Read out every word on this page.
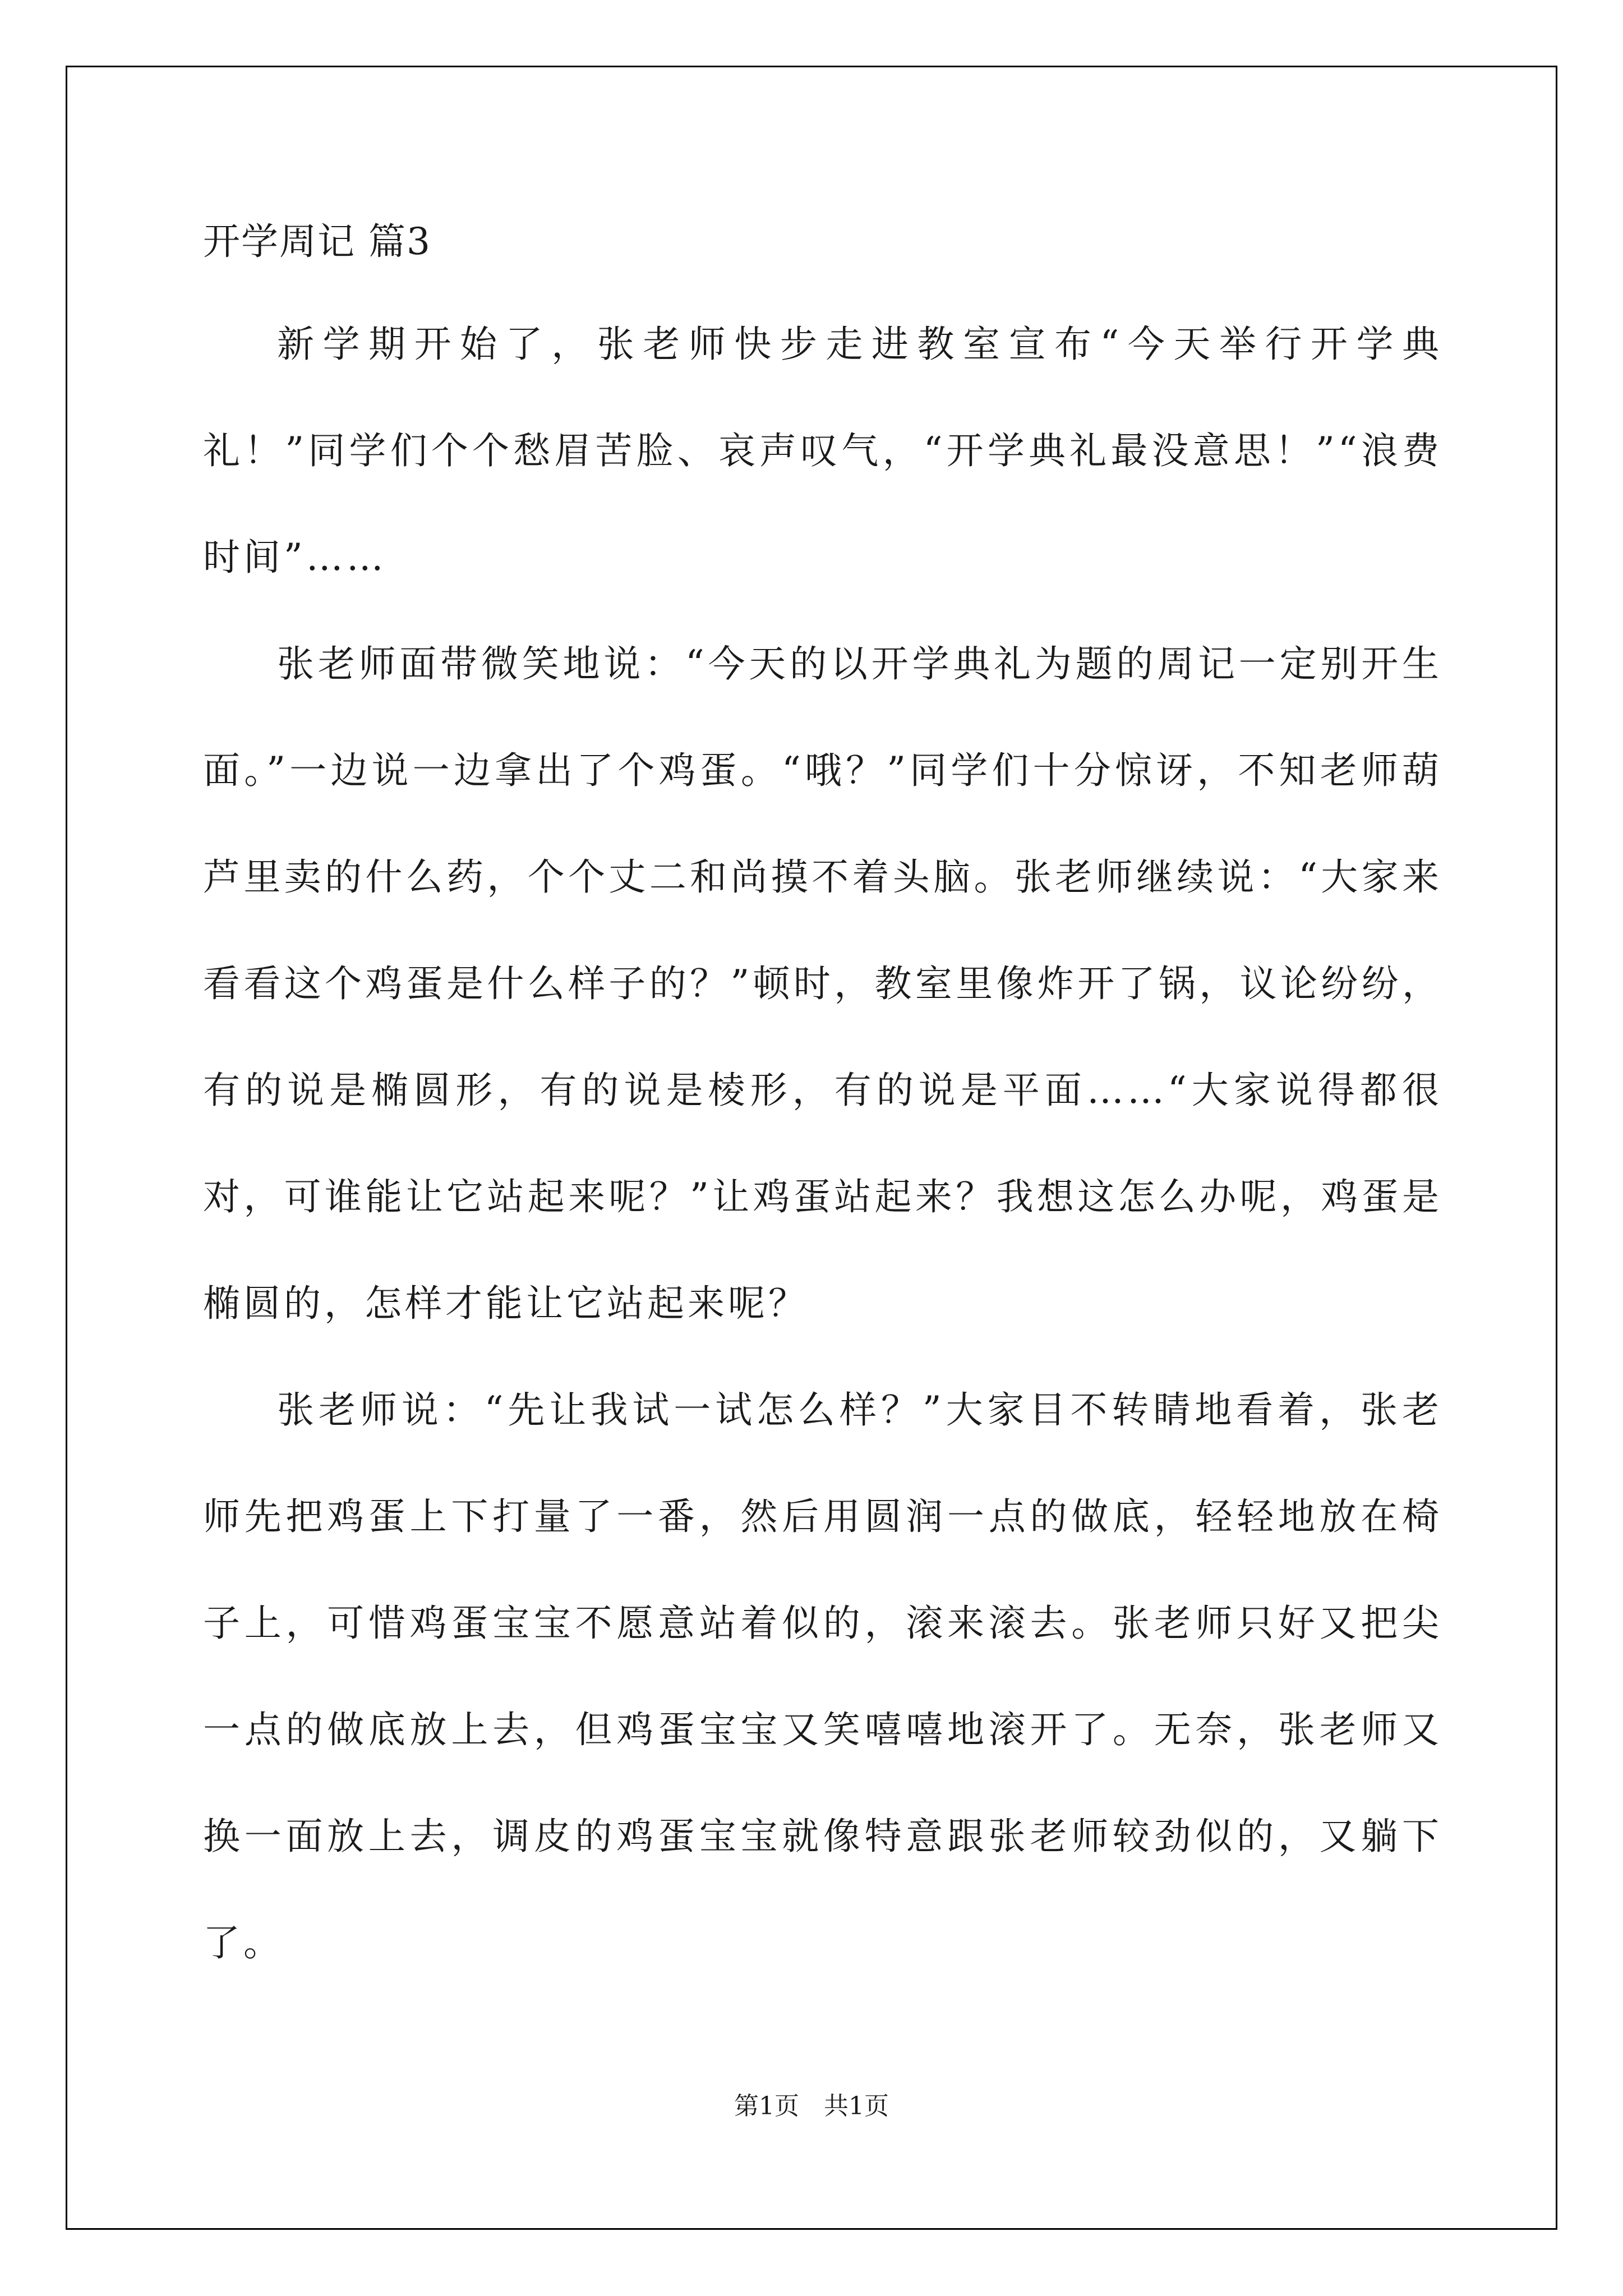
开学周记 篇3

新学期开始了，张老师快步走进教室宣布“今天举行开学典礼！”同学们个个愁眉苦脸、哀声叹气，“开学典礼最没意思！”“浪费时间”……

张老师面带微笑地说：“今天的以开学典礼为题的周记一定别开生面。”一边说一边拿出了个鸡蛋。“哦？”同学们十分惊讶，不知老师葫芦里卖的什么药，个个丈二和尚摸不着头脑。张老师继续说：“大家来看看这个鸡蛋是什么样子的？”顿时，教室里像炸开了锅，议论纷纷，有的说是椭圆形，有的说是棱形，有的说是平面……“大家说得都很对，可谁能让它站起来呢？”让鸡蛋站起来？我想这怎么办呢，鸡蛋是椭圆的，怎样才能让它站起来呢？

张老师说：“先让我试一试怎么样？”大家目不转睛地看着，张老师先把鸡蛋上下打量了一番，然后用圆润一点的做底，轻轻地放在椅子上，可惜鸡蛋宝宝不愿意站着似的，滚来滚去。张老师只好又把尖一点的做底放上去，但鸡蛋宝宝又笑嘻嘻地滚开了。无奈，张老师又换一面放上去，调皮的鸡蛋宝宝就像特意跟张老师较劲似的，又躺下了。

第1页　共1页
